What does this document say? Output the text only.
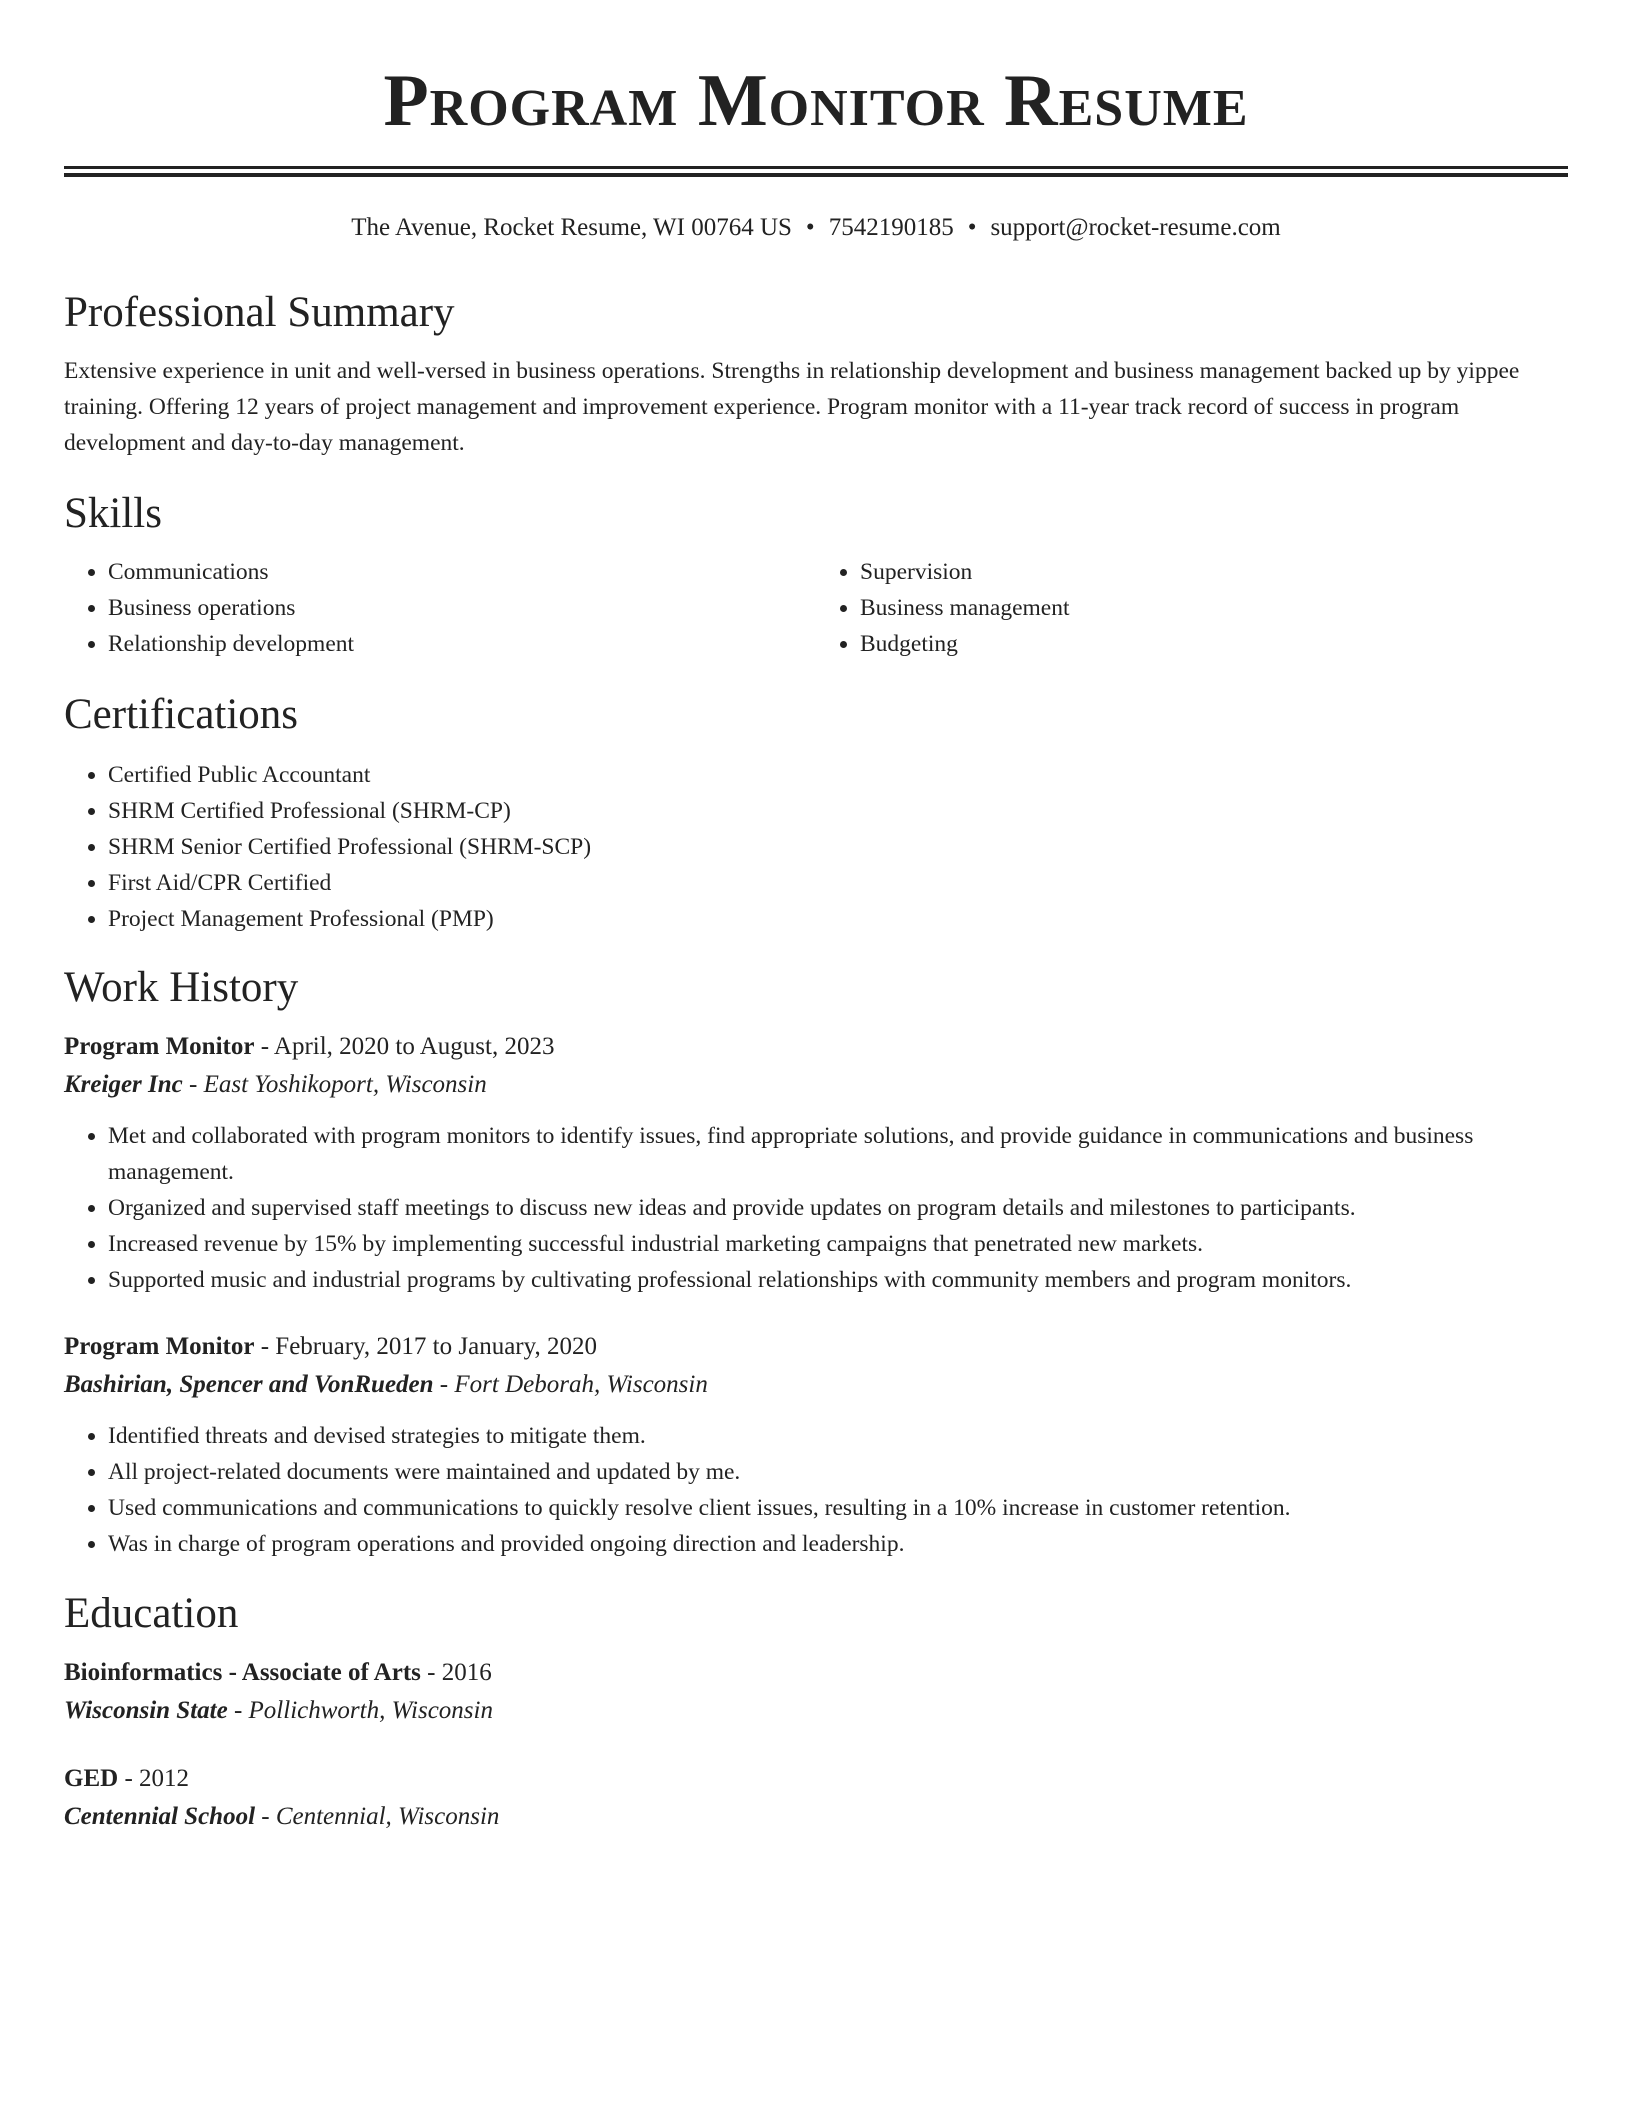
Program Monitor Resume
The Avenue, Rocket Resume, WI 00764 US • 7542190185 • support@rocket-resume.com
Professional Summary

Extensive experience in unit and well-versed in business operations. Strengths in relationship development and business management backed up by yippee training. Offering 12 years of project management and improvement experience. Program monitor with a 11-year track record of success in program development and day-to-day management.

Skills
• Communications
• Business operations
• Relationship development
• Supervision
• Business management
• Budgeting
Certifications
• Certified Public Accountant
• SHRM Certified Professional (SHRM-CP)
• SHRM Senior Certified Professional (SHRM-SCP)
• First Aid/CPR Certified
• Project Management Professional (PMP)
Work History
Program Monitor - April, 2020 to August, 2023
Kreiger Inc - East Yoshikoport, Wisconsin
• Met and collaborated with program monitors to identify issues, find appropriate solutions, and provide guidance in communications and business management.
• Organized and supervised staff meetings to discuss new ideas and provide updates on program details and milestones to participants.
• Increased revenue by 15% by implementing successful industrial marketing campaigns that penetrated new markets.
• Supported music and industrial programs by cultivating professional relationships with community members and program monitors.
Program Monitor - February, 2017 to January, 2020
Bashirian, Spencer and VonRueden - Fort Deborah, Wisconsin
• Identified threats and devised strategies to mitigate them.
• All project-related documents were maintained and updated by me.
• Used communications and communications to quickly resolve client issues, resulting in a 10% increase in customer retention.
• Was in charge of program operations and provided ongoing direction and leadership.
Education
Bioinformatics - Associate of Arts - 2016
Wisconsin State - Pollichworth, Wisconsin
GED - 2012
Centennial School - Centennial, Wisconsin
